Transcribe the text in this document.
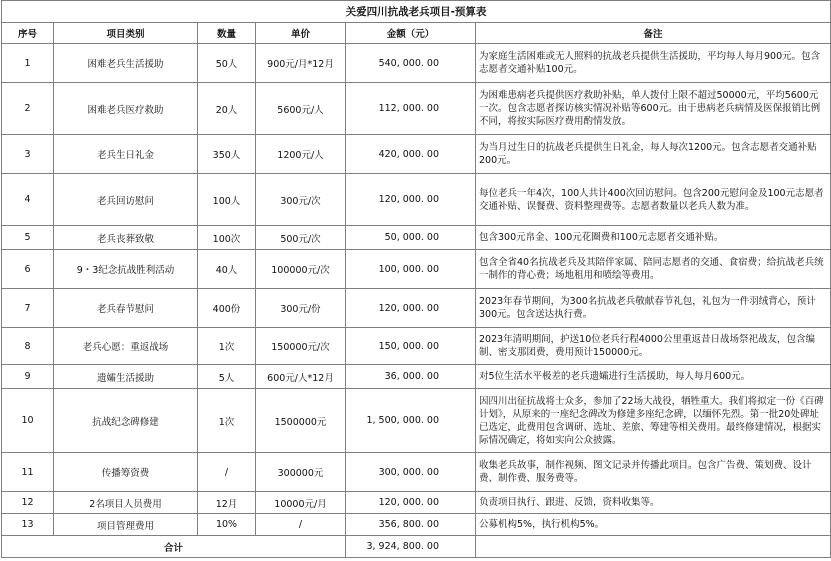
关爱四川抗战老兵项目-预算表					
序号	项目类别	数量	单价	金额（元）	备注
1	困难老兵生活援助	50人	900元/月*12月	540, 000. 00	为家庭生活困难或无人照料的抗战老兵提供生活援助，平均每人每月900元。包含志愿者交通补贴100元。
2	困难老兵医疗救助	20人	5600元/人	112, 000. 00	为困难患病老兵提供医疗救助补贴，单人拨付上限不超过50000元，平均5600元一次。包含志愿者探访核实情况补贴等600元。由于患病老兵病情及医保报销比例不同，将按实际医疗费用酌情发放。
3	老兵生日礼金	350人	1200元/人	420, 000. 00	为当月过生日的抗战老兵提供生日礼金，每人每次1200元。包含志愿者交通补贴200元。
4	老兵回访慰问	100人	300元/次	120, 000. 00	每位老兵一年4次，100人共计400次回访慰问。包含200元慰问金及100元志愿者交通补贴、误餐费、资料整理费等。志愿者数量以老兵人数为准。
5	老兵丧葬致敬	100次	500元/次	50, 000. 00	包含300元帛金、100元花圈费和100元志愿者交通补贴。
6	9・3纪念抗战胜利活动	40人	100000元/次	100, 000. 00	包含全省40名抗战老兵及其陪伴家属、陪同志愿者的交通、食宿费；给抗战老兵统一制作的背心费；场地租用和喷绘等费用。
7	老兵春节慰问	400份	300元/份	120, 000. 00	2023年春节期间，为300名抗战老兵敬献春节礼包，礼包为一件羽绒背心，预计300元。包含送达执行费。
8	老兵心愿：重返战场	1次	150000元/次	150, 000. 00	2023年清明期间，护送10位老兵行程4000公里重返昔日战场祭祀战友，包含编制、密支那团费，费用预计150000元。
9	遗孀生活援助	5人	600元/人*12月	36, 000. 00	对5位生活水平极差的老兵遗孀进行生活援助，每人每月600元。
10	抗战纪念碑修建	1次	1500000元	1, 500, 000. 00	因四川出征抗战将士众多，参加了22场大战役，牺牲重大。我们将拟定一份《百碑计划》，从原来的一座纪念碑改为修建多座纪念碑，以缅怀先烈。第一批20处碑址已选定，此费用包含调研、选址、差旅、筹建等相关费用。最终修建情况，根据实际情况确定，将如实向公众披露。
11	传播筹资费	/	300000元	300, 000. 00	收集老兵故事，制作视频、图文记录并传播此项目。包含广告费、策划费、设计费、制作费、服务费等。
12	2名项目人员费用	12月	10000元/月	120, 000. 00	负责项目执行、跟进、反馈，资料收集等。
13	项目管理费用	10%	/	356, 800. 00	公募机构5%，执行机构5%。
合计				3, 924, 800. 00	
